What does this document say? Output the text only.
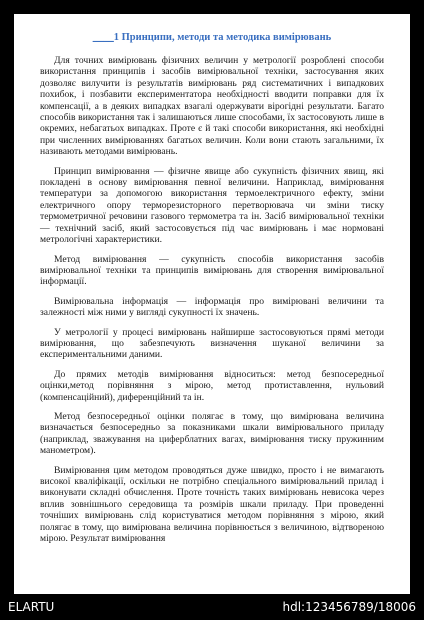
____1 Принципи, методи та методика вимірювань

Для точних вимірювань фізичних величин у метрології розроблені способи використання принципів і засобів вимірювальної техніки, застосування яких дозволяє вилучити із результатів вимірювань ряд систематичних і випадкових похибок, і позбавити експериментатора необхідності вводити поправки для їх компенсації, а в деяких випадках взагалі одержувати вірогідні результати. Багато способів використання так і залишаються лише способами, їх застосовують лише в окремих, небагатьох випадках. Проте є й такі способи використання, які необхідні при численних вимірюваннях багатьох величин. Коли вони стають загальними, їх називають методами вимірювань.

Принцип вимірювання — фізичне явище або сукупність фізичних явищ, які покладені в основу вимірювання певної величини. Наприклад, вимірювання температури за допомогою використання термоелектричного ефекту, зміни електричного опору терморезисторного перетворювача чи зміни тиску термометричної речовини газового термометра та ін. Засіб вимірювальної техніки — технічний засіб, який застосовується під час вимірювань і має нормовані метрологічні характеристики.

Метод вимірювання — сукупність способів використання засобів вимірювальної техніки та принципів вимірювань для створення вимірювальної інформації.

Вимірювальна інформація — інформація про вимірювані величини та залежності між ними у вигляді сукупності їх значень.

У метрології у процесі вимірювань найширше застосовуються прямі методи вимірювання, що забезпечують визначення шуканої величини за експериментальними даними.

До прямих методів вимірювання відноситься: метод безпосередньої оцінки,метод порівняння з мірою, метод протиставлення, нульовий (компенсаційний), диференційний та ін.

Метод безпосередньої оцінки полягає в тому, що вимірювана величина визначається безпосередньо за показниками шкали вимірювального приладу (наприклад, зважування на циферблатних вагах, вимірювання тиску пружинним манометром).

Вимірювання цим методом проводяться дуже швидко, просто і не вимагають високої кваліфікації, оскільки не потрібно спеціального вимірювальний прилад і виконувати складні обчислення. Проте точність таких вимірювань невисока через вплив зовнішнього середовища та розмірів шкали приладу. При проведенні точніших вимірювань слід користуватися методом порівняння з мірою, який полягає в тому, що вимірювана величина порівнюється з величиною, відтвореною мірою. Результат вимірювання

ELARTU	hdl:123456789/18006
